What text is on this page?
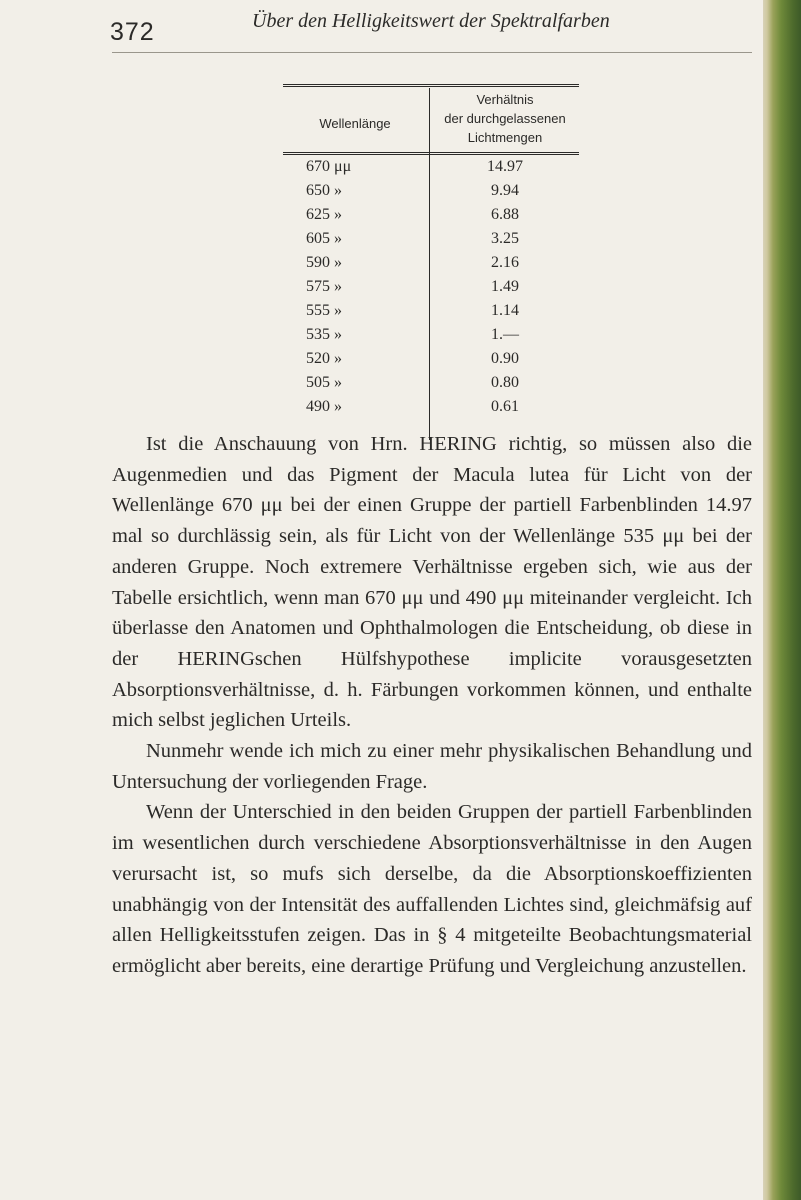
372	Über den Helligkeitswert der Spektralfarben
Wellenlänge
Verhältnis
der durchgelassenen
Lichtmengen
670 μμ	14.97
650 »	9.94
625 »	6.88
605 »	3.25
590 »	2.16
575 »	1.49
555 »	1.14
535 »	1.—
520 »	0.90
505 »	0.80
490 »	0.61

Ist die Anschauung von Hrn. HERING richtig, so müssen also die Augenmedien und das Pigment der Macula lutea für Licht von der Wellenlänge 670 μμ bei der einen Gruppe der partiell Farbenblinden 14.97 mal so durchlässig sein, als für Licht von der Wellenlänge 535 μμ bei der anderen Gruppe. Noch extremere Verhältnisse ergeben sich, wie aus der Tabelle ersichtlich, wenn man 670 μμ und 490 μμ miteinander vergleicht. Ich überlasse den Anatomen und Ophthalmologen die Entscheidung, ob diese in der HERINGschen Hülfshypothese implicite vorausgesetzten Absorptionsverhältnisse, d. h. Färbungen vorkommen können, und enthalte mich selbst jeglichen Urteils.

Nunmehr wende ich mich zu einer mehr physikalischen Behandlung und Untersuchung der vorliegenden Frage.

Wenn der Unterschied in den beiden Gruppen der partiell Farbenblinden im wesentlichen durch verschiedene Absorptionsverhältnisse in den Augen verursacht ist, so mufs sich derselbe, da die Absorptionskoeffizienten unabhängig von der Intensität des auffallenden Lichtes sind, gleichmäfsig auf allen Helligkeitsstufen zeigen. Das in § 4 mitgeteilte Beobachtungsmaterial ermöglicht aber bereits, eine derartige Prüfung und Vergleichung anzustellen.
